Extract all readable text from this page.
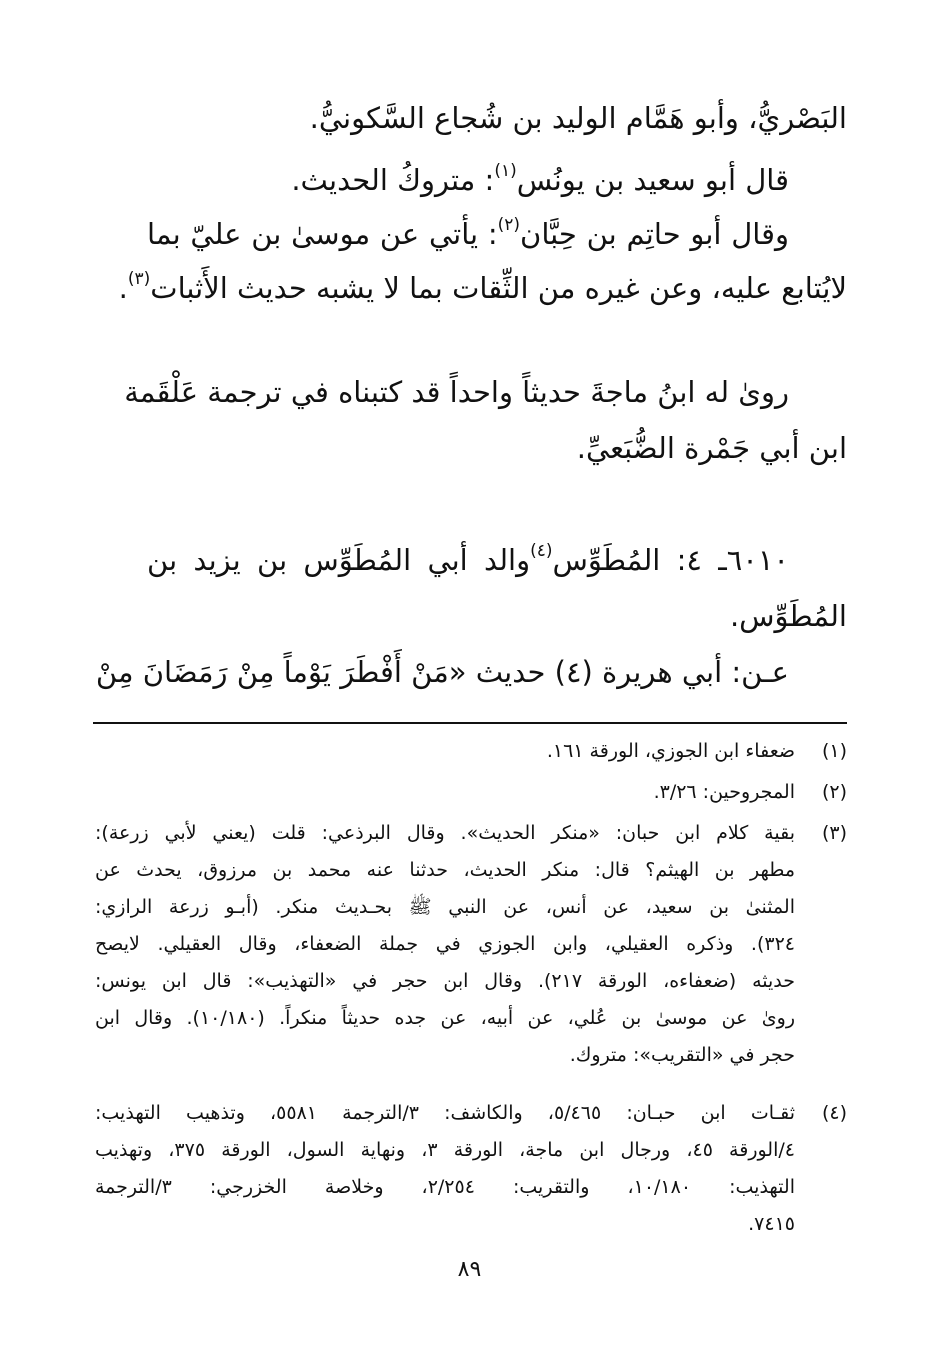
البَصْريُّ، وأبو هَمَّام الوليد بن شُجاع السَّكونيُّ.
قال أبو سعيد بن يونُس$^{(١)}$: متروكُ الحديث.
وقال أبو حاتِم بن حِبَّان$^{(٢)}$: يأتي عن موسىٰ بن عليّ بما
لايُتابع عليه، وعن غيره من الثِّقات بما لا يشبه حديث الأَثبات$^{(٣)}$.
روىٰ له ابنُ ماجةَ حديثاً واحداً قد كتبناه في ترجمة عَلْقَمة
ابن أبي جَمْرة الضُّبَعيِّ.
٦٠١٠ـ ٤: المُطَوِّس$^{(٤)}$والد أبي المُطَوِّس بن يزيد بن
المُطَوِّس.
عـن: أبي هريرة (٤) حديث «مَنْ أَفْطَرَ يَوْماً مِنْ رَمَضَانَ مِنْ
(١)
ضعفاء ابن الجوزي، الورقة ١٦١.
(٢)
المجروحين: ٣/٢٦.
(٣)
بقية كلام ابن حبان: «منكر الحديث». وقال البرذعي: قلت (يعني لأبي زرعة):
مطهر بن الهيثم؟ قال: منكر الحديث، حدثنا عنه محمد بن مرزوق، يحدث عن
المثنىٰ بن سعيد، عن أنس، عن النبي ﷺ بحـديث منكر. (أبـو زرعة الرازي:
٣٢٤). وذكره العقيلي، وابن الجوزي في جملة الضعفاء، وقال العقيلي. لايصح
حديثه (ضعفاءه، الورقة ٢١٧). وقال ابن حجر في «التهذيب»: قال ابن يونس:
روىٰ عن موسىٰ بن عُلي، عن أبيه، عن جده حديثاً منكراً. (١٠/١٨٠). وقال ابن
حجر في «التقريب»: متروك.
(٤)
ثقـات ابن حبـان: ٥/٤٦٥، والكاشف: ٣/الترجمة ٥٥٨١، وتذهيب التهذيب:
٤/الورقة ٤٥، ورجال ابن ماجة، الورقة ٣، ونهاية السول، الورقة ٣٧٥، وتهذيب
التهذيب: ١٠/١٨٠، والتقريب: ٢/٢٥٤، وخلاصة الخزرجي: ٣/الترجمة
٧٤١٥.
٨٩
